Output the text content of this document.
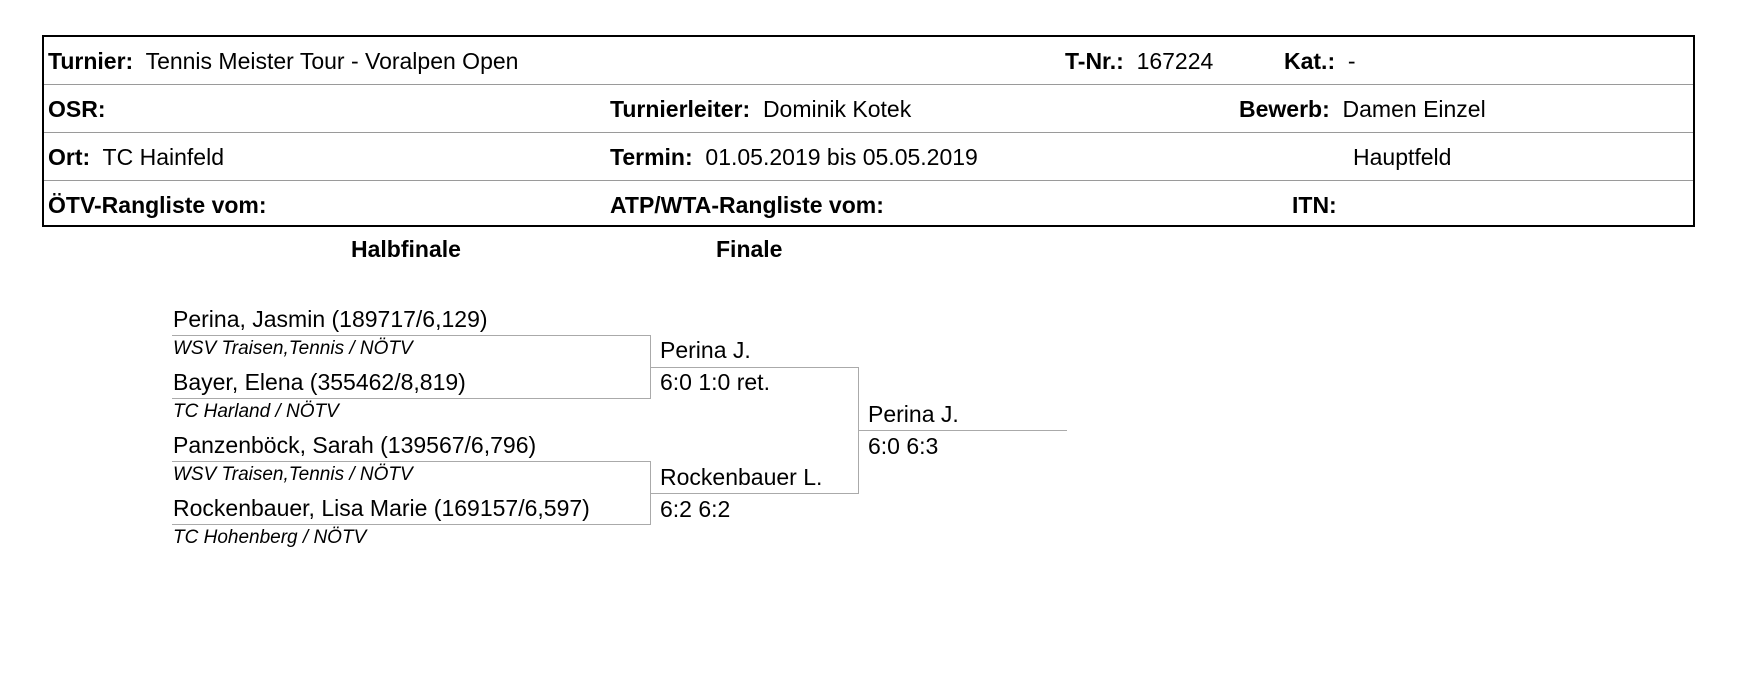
Turnier: Tennis Meister Tour - Voralpen Open	T-Nr.: 167224	Kat.: -
OSR:	Turnierleiter: Dominik Kotek	Bewerb: Damen Einzel
Ort: TC Hainfeld	Termin: 01.05.2019 bis 05.05.2019	Hauptfeld
ÖTV-Rangliste vom:	ATP/WTA-Rangliste vom:	ITN:
Halbfinale	Finale
Perina, Jasmin (189717/6,129)
WSV Traisen,Tennis / NÖTV
Bayer, Elena (355462/8,819)
TC Harland / NÖTV
Panzenböck, Sarah (139567/6,796)
WSV Traisen,Tennis / NÖTV
Rockenbauer, Lisa Marie (169157/6,597)
TC Hohenberg / NÖTV
Perina J.
6:0 1:0 ret.
Rockenbauer L.
6:2 6:2
Perina J.
6:0 6:3
